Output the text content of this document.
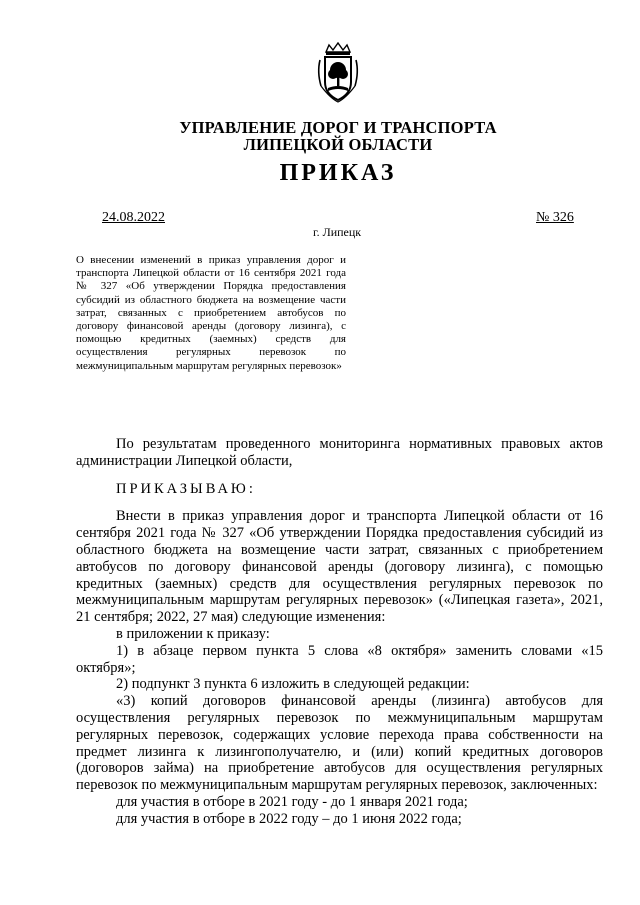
УПРАВЛЕНИЕ ДОРОГ И ТРАНСПОРТА
ЛИПЕЦКОЙ ОБЛАСТИ
ПРИКАЗ
24.08.2022	№ 326
г. Липецк
О внесении изменений в приказ управления дорог и транспорта Липецкой области от 16 сентября 2021 года № 327 «Об утверждении Порядка предоставления субсидий из областного бюджета на возмещение части затрат, связанных с приобретением автобусов по договору финансовой аренды (договору лизинга), с помощью кредитных (заемных) средств для осуществления регулярных перевозок по межмуниципальным маршрутам регулярных перевозок»

По результатам проведенного мониторинга нормативных правовых актов администрации Липецкой области,

ПРИКАЗЫВАЮ:

Внести в приказ управления дорог и транспорта Липецкой области от 16 сентября 2021 года № 327 «Об утверждении Порядка предоставления субсидий из областного бюджета на возмещение части затрат, связанных с приобретением автобусов по договору финансовой аренды (договору лизинга), с помощью кредитных (заемных) средств для осуществления регулярных перевозок по межмуниципальным маршрутам регулярных перевозок» («Липецкая газета», 2021, 21 сентября; 2022, 27 мая) следующие изменения:

в приложении к приказу:

1) в абзаце первом пункта 5 слова «8 октября» заменить словами «15 октября»;

2) подпункт 3 пункта 6 изложить в следующей редакции:

«3) копий договоров финансовой аренды (лизинга) автобусов для осуществления регулярных перевозок по межмуниципальным маршрутам регулярных перевозок, содержащих условие перехода права собственности на предмет лизинга к лизингополучателю, и (или) копий кредитных договоров (договоров займа) на приобретение автобусов для осуществления регулярных перевозок по межмуниципальным маршрутам регулярных перевозок, заключенных:

для участия в отборе в 2021 году - до 1 января 2021 года;

для участия в отборе в 2022 году – до 1 июня 2022 года;
